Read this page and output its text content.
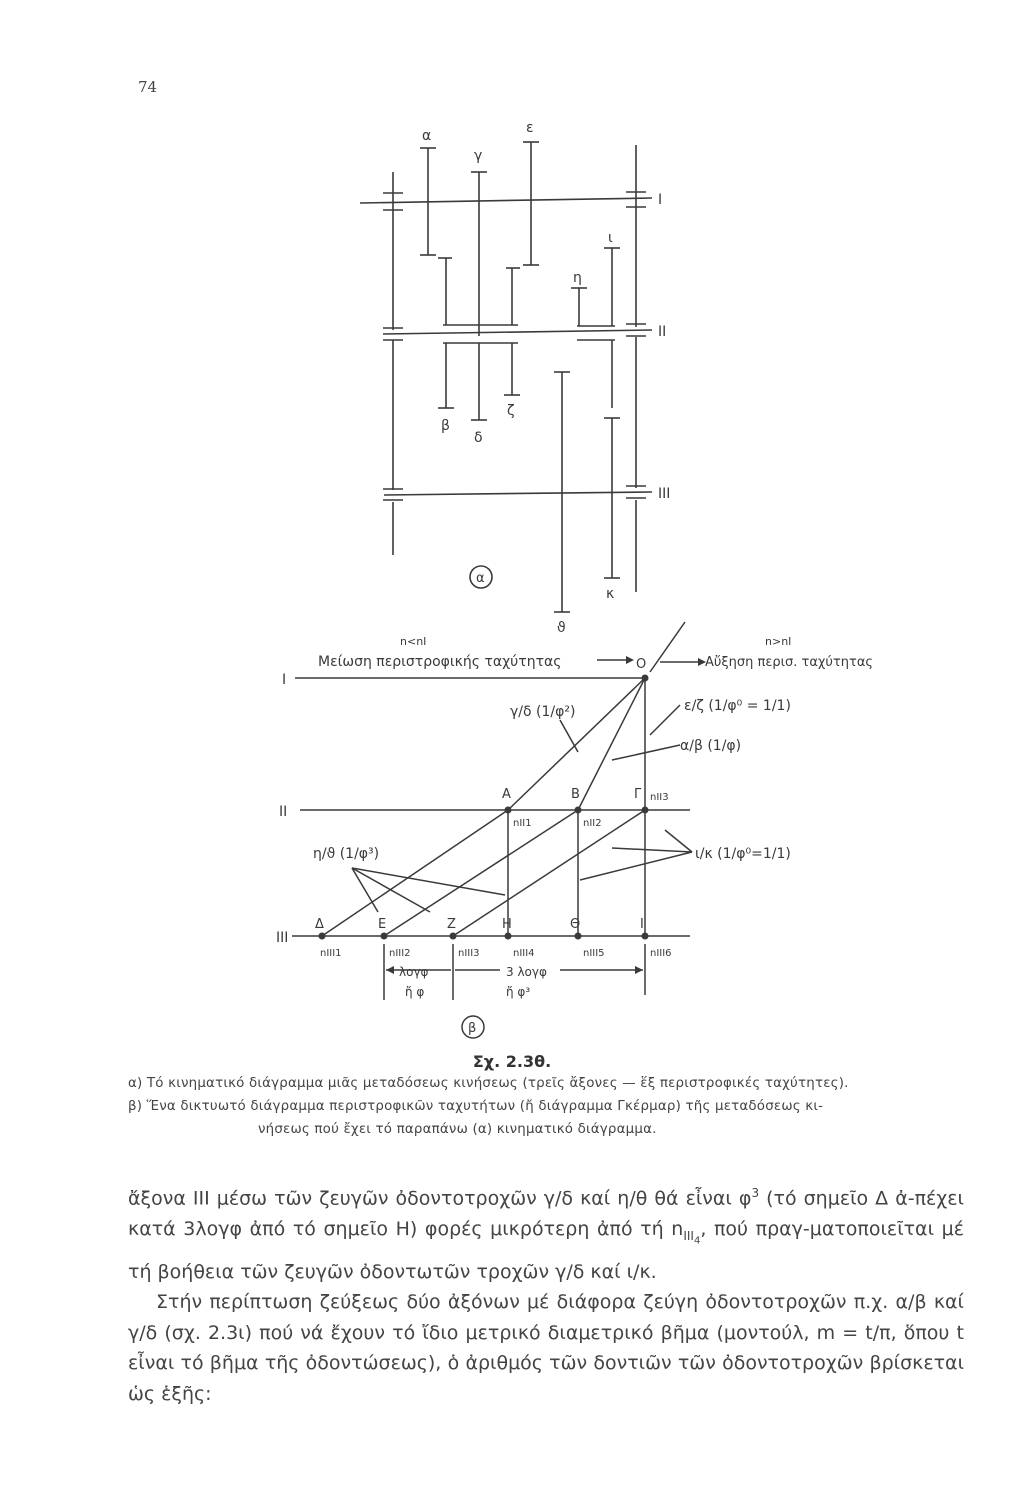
74
α
γ
ε
ι
η
β
δ
ζ
κ
ϑ
I
II
III
α
I
II
III
n<nI
Μείωση περιστροφικής ταχύτητας	O
n>nI
Αὔξηση περισ. ταχύτητας
γ/δ (1/φ²)	ε/ζ (1/φ⁰ = 1/1)
α/β (1/φ)
η/ϑ (1/φ³)	ι/κ (1/φ⁰=1/1)
A	B	Γ
nII1	nII2
nII3
Δ	E	Z	H	Θ	I
nIII1	nIII2	nIII3	nIII4	nIII5	nIII6
λογφ
ἤ φ
3 λογφ
ἤ φ³
β
Σχ. 2.3θ.
α) Τό κινηματικό διάγραμμα μιᾶς μεταδόσεως κινήσεως (τρεῖς ἄξονες — ἕξ περιστροφικές ταχύτητες).
β) Ἕνα δικτυωτό διάγραμμα περιστροφικῶν ταχυτήτων (ἤ διάγραμμα Γκέρμαρ) τῆς μεταδόσεως κι-
νήσεως πού ἔχει τό παραπάνω (α) κινηματικό διάγραμμα.

ἄξονα III μέσω τῶν ζευγῶν ὀδοντοτροχῶν γ/δ καί η/θ θά εἶναι $\varphi^3$ (τό σημεῖο Δ ἀ-πέχει κατά 3λογφ ἀπό τό σημεῖο Η) φορές μικρότερη ἀπό τή $n_{III_4}$, πού πραγ-ματοποιεῖται μέ τή βοήθεια τῶν ζευγῶν ὀδοντωτῶν τροχῶν γ/δ καί ι/κ.

Στήν περίπτωση ζεύξεως δύο ἀξόνων μέ διάφορα ζεύγη ὀδοντοτροχῶν π.χ. α/β καί γ/δ (σχ. 2.3ι) πού νά ἔχουν τό ἴδιο μετρικό διαμετρικό βῆμα (μοντούλ, m = t/π, ὅπου t εἶναι τό βῆμα τῆς ὀδοντώσεως), ὁ ἀριθμός τῶν δοντιῶν τῶν ὀδοντοτροχῶν βρίσκεται ὡς ἑξῆς:
